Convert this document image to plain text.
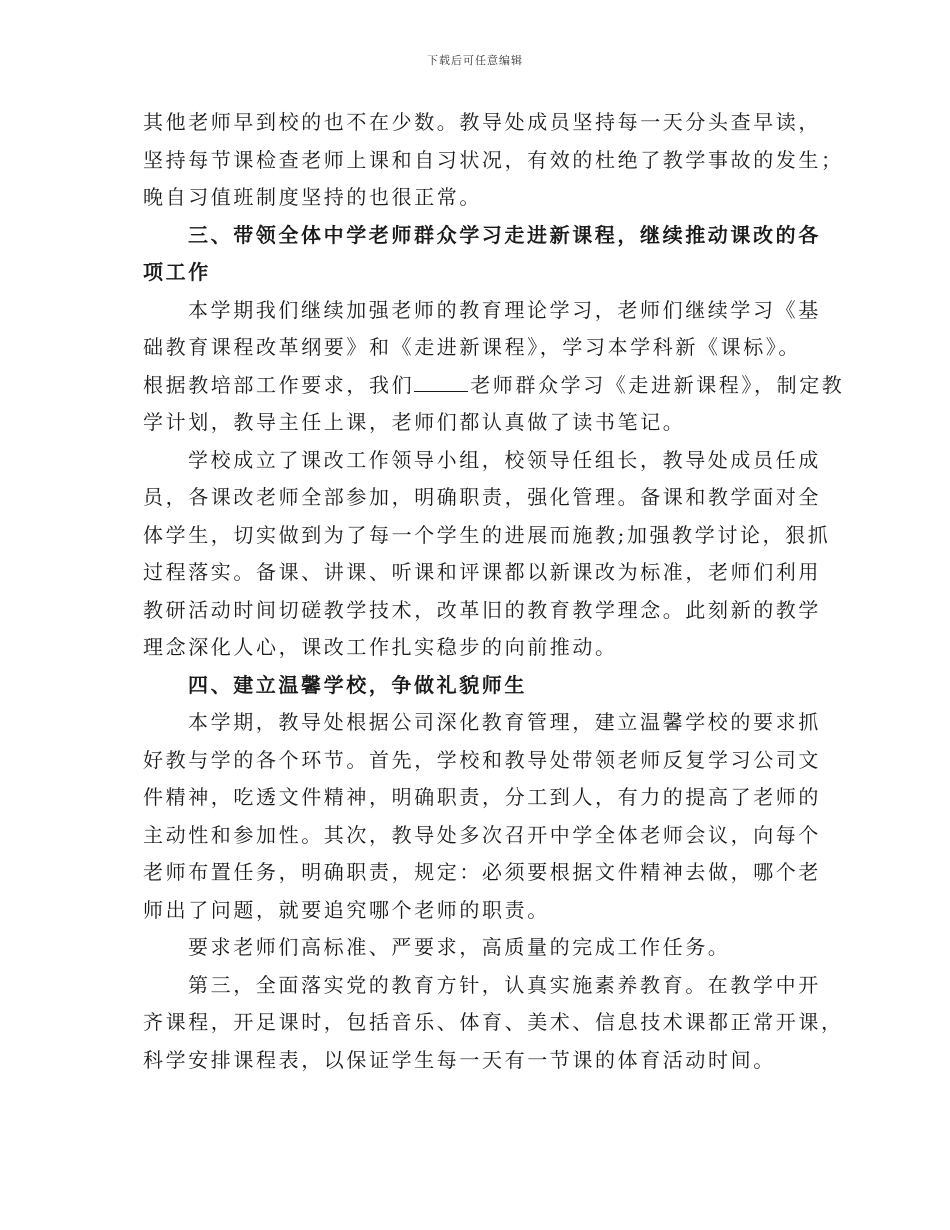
下载后可任意编辑
其他老师早到校的也不在少数。教导处成员坚持每一天分头查早读，
坚持每节课检查老师上课和自习状况，有效的杜绝了教学事故的发生；
晚自习值班制度坚持的也很正常。
三、带领全体中学老师群众学习走进新课程，继续推动课改的各
项工作
本学期我们继续加强老师的教育理论学习，老师们继续学习《基
础教育课程改革纲要》和《走进新课程》，学习本学科新《课标》。
根据教培部工作要求，我们	老师群众学习《走进新课程》，制定教
学计划，教导主任上课，老师们都认真做了读书笔记。
学校成立了课改工作领导小组，校领导任组长，教导处成员任成
员，各课改老师全部参加，明确职责，强化管理。备课和教学面对全
体学生，切实做到为了每一个学生的进展而施教;加强教学讨论，狠抓
过程落实。备课、讲课、听课和评课都以新课改为标准，老师们利用
教研活动时间切磋教学技术，改革旧的教育教学理念。此刻新的教学
理念深化人心，课改工作扎实稳步的向前推动。
四、建立温馨学校，争做礼貌师生
本学期，教导处根据公司深化教育管理，建立温馨学校的要求抓
好教与学的各个环节。首先，学校和教导处带领老师反复学习公司文
件精神，吃透文件精神，明确职责，分工到人，有力的提高了老师的
主动性和参加性。其次，教导处多次召开中学全体老师会议，向每个
老师布置任务，明确职责，规定：必须要根据文件精神去做，哪个老
师出了问题，就要追究哪个老师的职责。
要求老师们高标准、严要求，高质量的完成工作任务。
第三，全面落实党的教育方针，认真实施素养教育。在教学中开
齐课程，开足课时，包括音乐、体育、美术、信息技术课都正常开课，
科学安排课程表，以保证学生每一天有一节课的体育活动时间。
